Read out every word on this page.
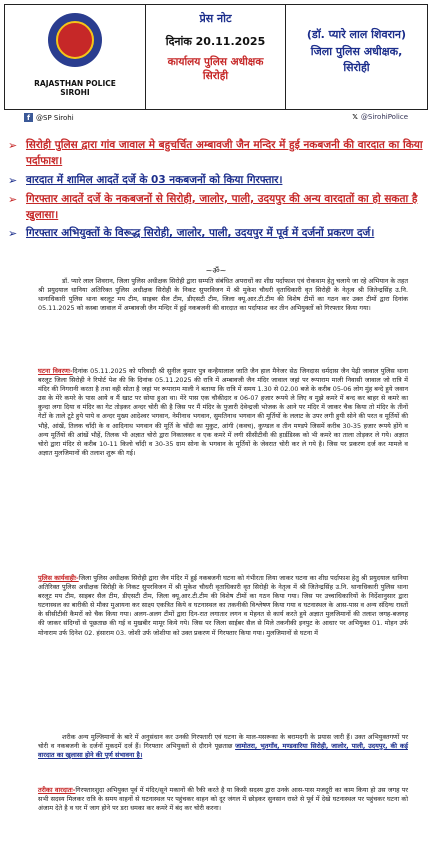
RAJASTHAN POLICE
SIROHI
प्रेस नोट
दिनांक 20.11.2025
कार्यालय पुलिस अधीक्षक
सिरोही
(डॉ. प्यारे लाल शिवरान)
जिला पुलिस अधीक्षक,
सिरोही
f @SP Sirohi	𝕏 @SirohiPolice
➢ सिरोही पुलिस द्वारा गांव जावाल मे बहुचर्चित अम्बावजी जैन मन्दिर में हुई नकबजनी की वारदात का किया पर्दाफाश।
➢ वारदात में शामिल आदतें दर्जे के 03 नकबजनों को किया गिरफ्तार।
➢ गिरफ्तार आदतें दर्जे के नकबजनों से सिरोही, जालोर, पाली, उदयपुर की अन्य वारदातों का हो सकता है खुलासा।
➢ गिरफ्तार अभियुक्तों के विरूद्ध सिरोही, जालोर, पाली, उदयपुर में पूर्व में दर्जनों प्रकरण दर्ज।
~ॐ~
डॉ. प्यारे लाल शिवरान, जिला पुलिस अधीक्षक सिरोही द्वारा सम्पति संबंधित अपराधों का शीघ्र पर्दाफाश एवं रोकथाम हेतु चलाये जा रहे अभियान के तहत श्री प्रयुदयाल धानिया अतिरिक्त पुलिस अधीक्षक सिरोही के निकट सुपरविजन में श्री मुकेश चौधरी वृताधिकारी वृत सिरोही के नेतृत्व श्री जितेन्द्रसिंह उ.नि. थानाधिकारी पुलिस थाना बरलूट मय टीम, साइबर सैल टीम, डीएसटी टीम, जिला क्यू.आर.टी.टीम की विशेष टीमों का गठन कर उक्त टीमों द्वारा दिनांक 05.11.2025 को कस्बा जावाल में अम्बावजी जैन मन्दिर में हुई नकबजनी की वारदात का पर्दाफाश कर तीन अभियुक्तों को गिरफ्तार किया गया।
घटना विवरणः-दिनांक 05.11.2025 को परिवादी श्री सुनील कुमार पुत्र कन्हैयालाल जाति जैन हाल मैनेजर सेठ जिनदास धर्मदास जैन पेढ़ी जावाल पुलिस थाना बरलूट जिला सिरोही ने रिपोर्ट पेश की कि दिनांक 05.11.2025 की रात्रि में अम्बावजी जैन मंदिर जावाल जहां पर रूपाराम माली निवासी जावाल जो रात्रि में मंदिर की निगरानी करता है तथा वही सोता है जहां पर रूपाराम माली ने बताया कि रात्रि में समय 1.30 से 02.00 बजे के करीब 05-06 लोग मुंह बन्दे हुये जवान उस के मेरे कमरे के पास आये व मैं खाट पर सोया हुआ था। मेरे पास एक चौकीदार व 06-07 हजार रूपये ले लिए व मुझे कमरे में बन्द कर बाहर से कमरे का कुन्दा लगा दिया व मंदिर का गेट तोड़कर अन्दर चोरी की है जिस पर मैं मंदिर के पुजारी देवेन्द्रजी भोजक के आने पर मंदिर में जाकर चैक किया तो मंदिर के तीनों गेटों के ताले टूटे हुये पाये व अन्दर मुख्य आदेश्वर भगवान, नेमीनाथ भगवान, सुमतिनाथ भगवान की मूर्तियों के ललाट के उपर लगी हुयी सोने की परत व मूर्तियों की भौहे, आंखें, तिलक चाँदी के व आदिनाथ भगवान की मूर्ति के चाँदी का मुकुट, आंगी (कवच), कुण्डल व तीन मण्डपे जिसमें करीब 30-35 हजार रूपये होंगे व अन्य मूर्तियों की आंखें भौहें, तिलक भी अज्ञात चोरो द्वारा निकालकर व एक कमरे में लगी सीसीटीवी की हार्डडिस्क को भी कमरे का ताला तोड़कर ले गये। अज्ञात चोरो द्वारा मंदिर से करीब 10-11 किलो चाँदी व 30-35 ग्राम सोना के भगवान के मूर्तियों के जेवरात चोरी कर ले गये है। जिस पर प्रकरण दर्ज कर मामले व अज्ञात मुलजिमानों की तलाश शुरू की गई।
पुलिस कार्यवाहीः-जिला पुलिस अधीक्षक सिरोही द्वारा जैन मंदिर में हुई नकबजनी घटना को गंभीरता लिया जाकर घटना का शीघ्र पर्दाफाश हेतु श्री प्रयुदयाल धानिया अतिरिक्त पुलिस अधीक्षक सिरोही के निकट सुपरविजन में श्री मुकेश चौधरी वृताधिकारी वृत सिरोही के नेतृत्व में श्री जितेन्द्रसिंह उ.नि. थानाधिकारी पुलिस थाना बरलूट मय टीम, साइबर सैल टीम, डीएसटी टीम, जिला क्यू.आर.टी.टीम की विशेष टीमों का गठन किया गया। जिस पर उच्चाधिकारियों के निर्देशानुसार द्वारा घटनास्थल का बारीकी से मौका मुआयना कर साक्ष्य एकत्रित किये व घटनास्थल का तकनीकी विश्लेषण किया गया व घटनास्थल के आस-पास व अन्य संदिग्ध रास्तों के सीसीटीवी कैमरों को चैक किया गया। अलग-अलग टीमों द्वारा दिन-रात लगातार लगन व मेहनत से कार्य करते हुये अज्ञात मुलजिमानों की तलाश जगह-बजगह की जाकर संदिग्धों से पूछताछ की गई व मुखबीर मामूर किये गये। जिस पर जिला साईबर सैल से मिले तकनीकी इनपुट के आधार पर अभियुक्त 01. मोहन उर्फ मोनाराम उर्फ दिनेश 02. हंसाराम 03. जोशी उर्फ जोशीया को उक्त प्रकरण में गिरफ्तार किया गया। मुलजिमानों से घटना में
शरीक अन्य मुल्जिमानों के बारे में अनुसंधान कर उनकी गिरफ्तारी एवं घटना के माल-मसरूका के बरामदगी के प्रयास जारी हैं। उक्त अभियुक्तगणों पर चोरी व नकबजनी के दर्जनों मुकदमें दर्ज हैं। गिरफ्तार अभियुक्तों से दौराने पूछताछ जामोतरा, भुतगाँव, मण्डवारिया सिरोही, जालोर, पाली, उदयपुर, की कई वारदात का खुलासा होने की पूर्ण संभावना है।
तरीका वारदातः-गिरफ्तारशुदा अभियुक्त पूर्व में मंदिर/सूने मकानों की रैकी करते है या किसी सदस्य द्वारा उनके आस-पास मजदूरी का काम किया हो उस जगह पर सभी सदस्य मिलकर रात्रि के समय वाहनों से घटनास्थल पर पहुंचकर वाहन को दूर जंगल में छोड़कर सुनसान रास्ते से पूर्व में देखे घटनास्थल पर पहुंचकर घटना को अंजाम देते है व घर में जाग होने पर डरा धमका कर कमरे में बंद कर चोरी करना।
